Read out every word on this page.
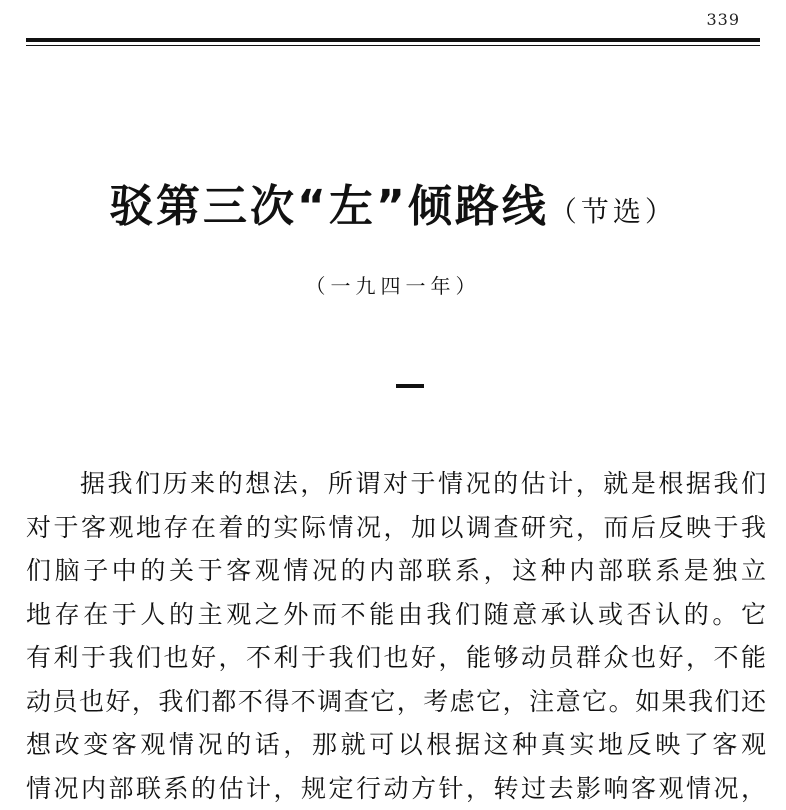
339
驳第三次“左”倾路线（节选）
（一九四一年）
据我们历来的想法，所谓对于情况的估计，就是根据我们
对于客观地存在着的实际情况，加以调查研究，而后反映于我
们脑子中的关于客观情况的内部联系，这种内部联系是独立
地存在于人的主观之外而不能由我们随意承认或否认的。它
有利于我们也好，不利于我们也好，能够动员群众也好，不能
动员也好，我们都不得不调查它，考虑它，注意它。如果我们还
想改变客观情况的话，那就可以根据这种真实地反映了客观
情况内部联系的估计，规定行动方针，转过去影响客观情况，
